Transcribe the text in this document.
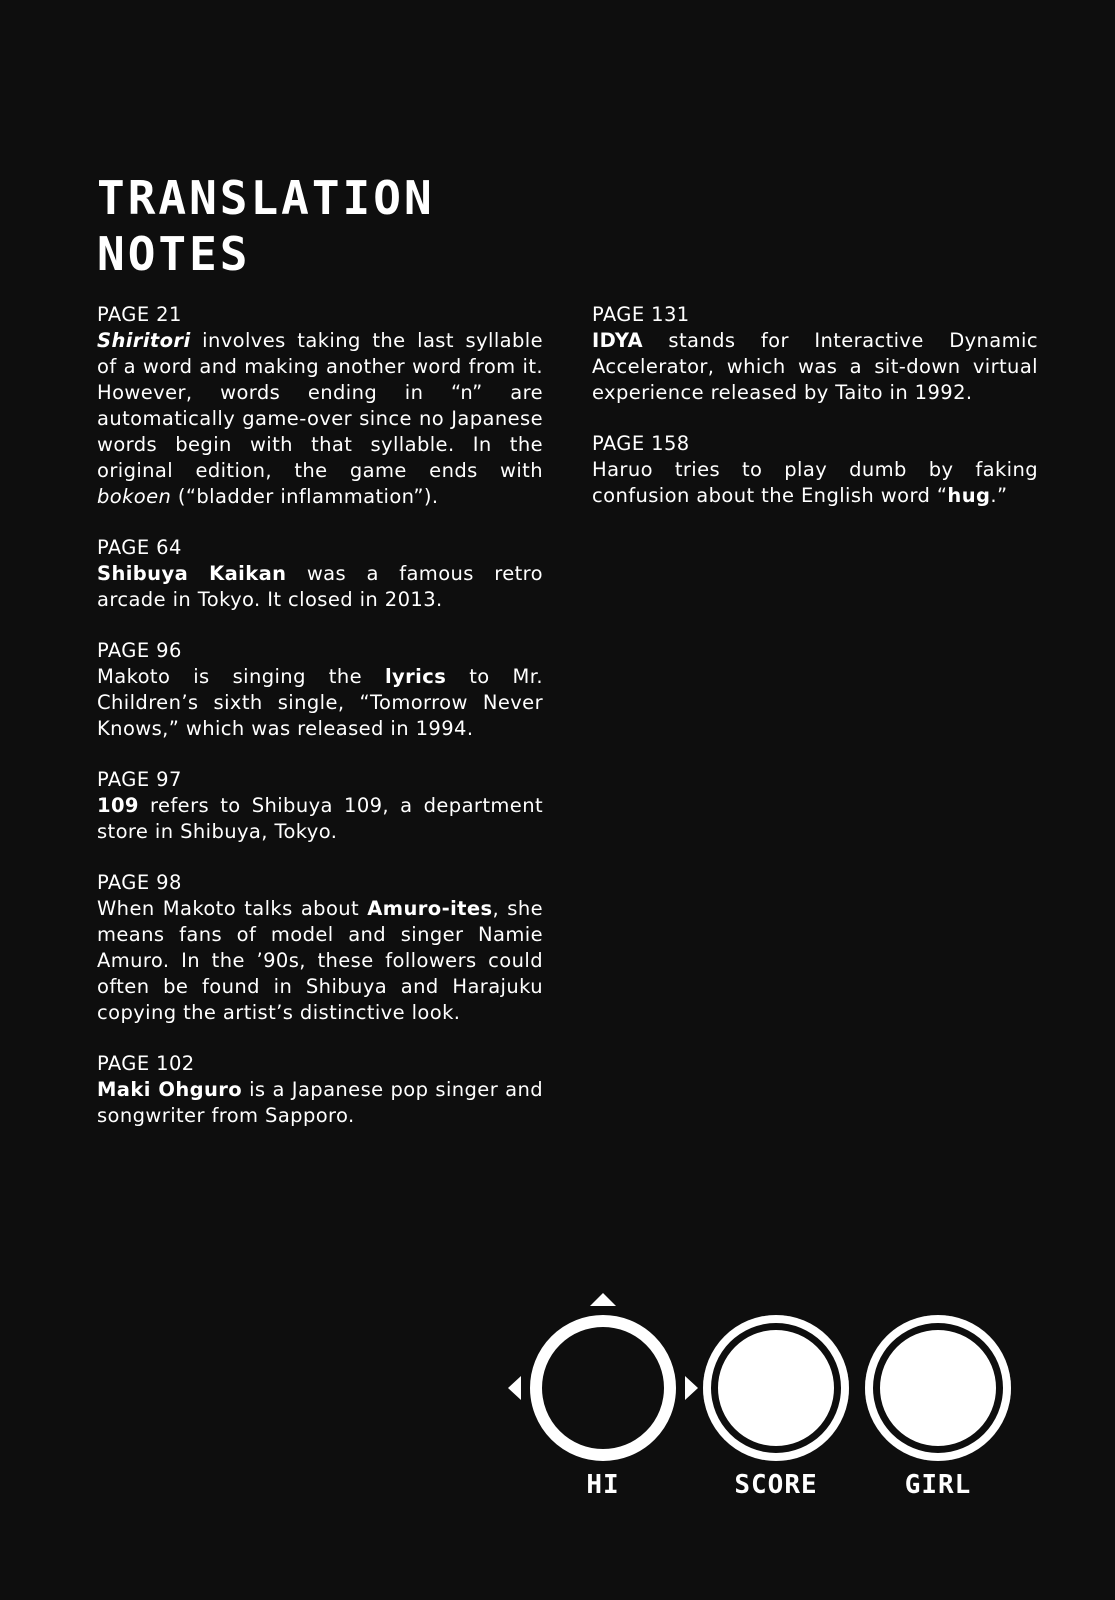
TRANSLATION
NOTES

PAGE 21
Shiritori involves taking the last syllable of a word and making another word from it. However, words ending in “n” are automatically game-over since no Japanese words begin with that syllable. In the original edition, the game ends with bokoen (“bladder inflammation”).

PAGE 64
Shibuya Kaikan was a famous retro arcade in Tokyo. It closed in 2013.

PAGE 96
Makoto is singing the lyrics to Mr. Children’s sixth single, “Tomorrow Never Knows,” which was released in 1994.

PAGE 97
109 refers to Shibuya 109, a department store in Shibuya, Tokyo.

PAGE 98
When Makoto talks about Amuro-ites, she means fans of model and singer Namie Amuro. In the ’90s, these followers could often be found in Shibuya and Harajuku copying the artist’s distinctive look.

PAGE 102
Maki Ohguro is a Japanese pop singer and songwriter from Sapporo.

PAGE 131
IDYA stands for Interactive Dynamic Accelerator, which was a sit-down virtual experience released by Taito in 1992.

PAGE 158
Haruo tries to play dumb by faking confusion about the English word “hug.”

HI	SCORE	GIRL
